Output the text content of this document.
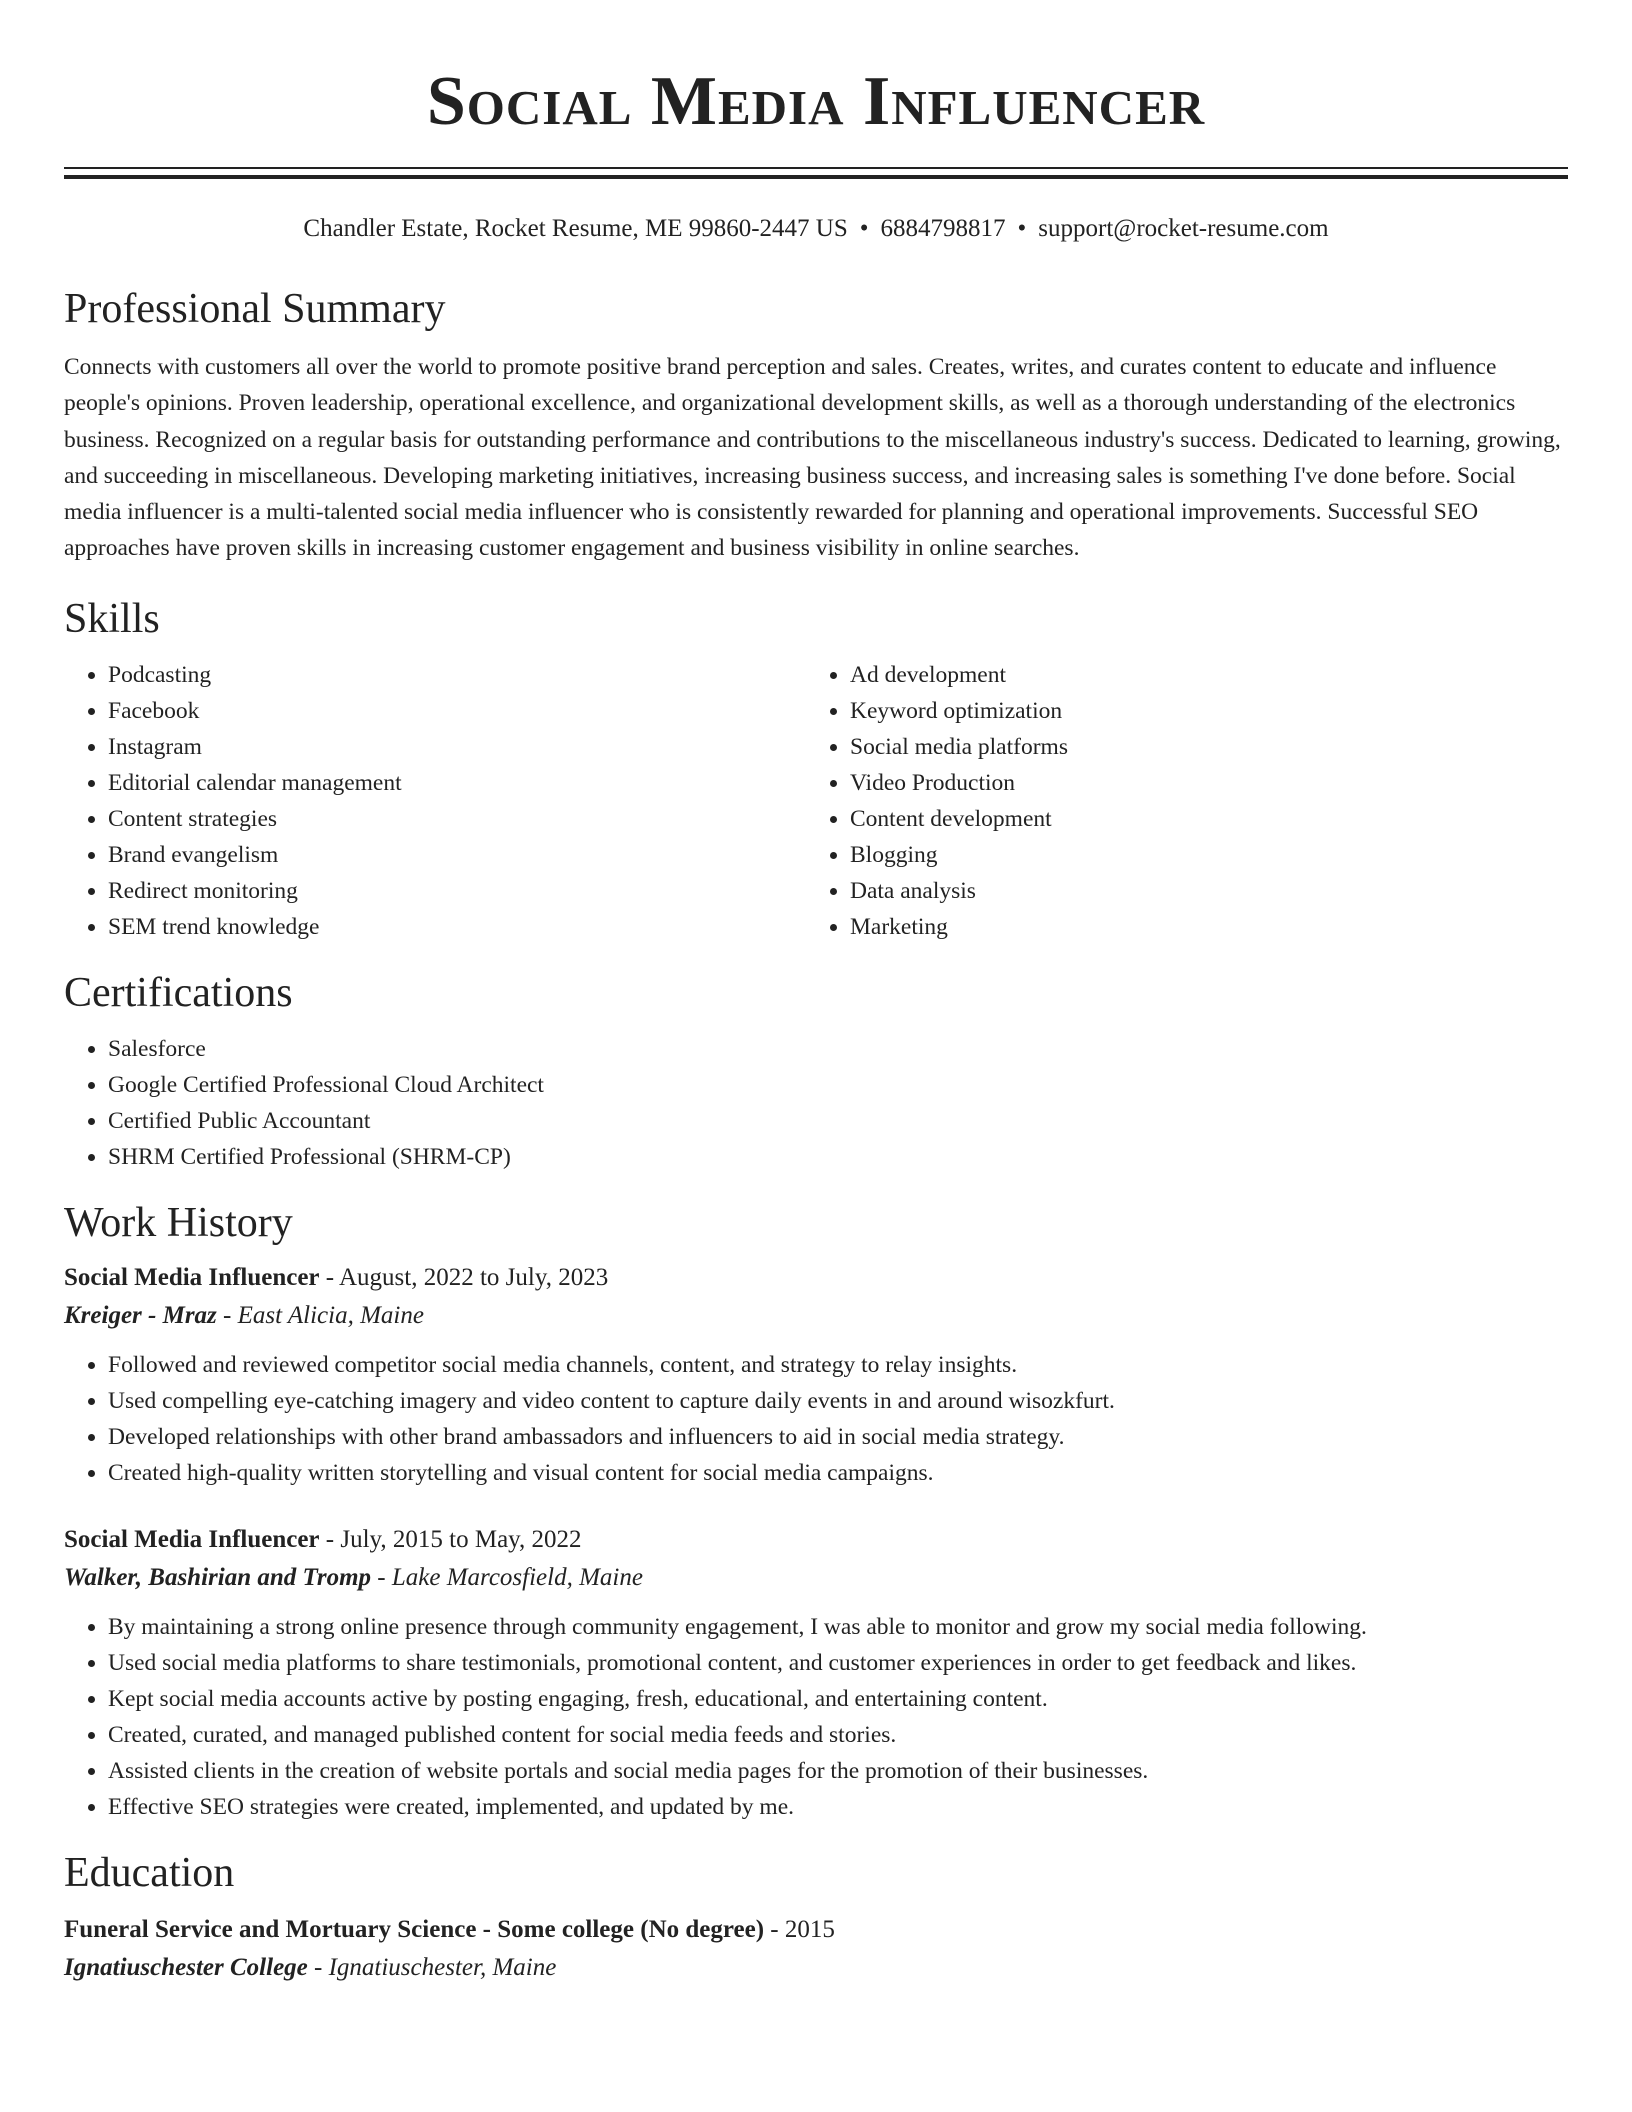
Social Media Influencer
Chandler Estate, Rocket Resume, ME 99860-2447 US • 6884798817 • support@rocket-resume.com
Professional Summary

Connects with customers all over the world to promote positive brand perception and sales. Creates, writes, and curates content to educate and influence people's opinions. Proven leadership, operational excellence, and organizational development skills, as well as a thorough understanding of the electronics business. Recognized on a regular basis for outstanding performance and contributions to the miscellaneous industry's success. Dedicated to learning, growing, and succeeding in miscellaneous. Developing marketing initiatives, increasing business success, and increasing sales is something I've done before. Social media influencer is a multi-talented social media influencer who is consistently rewarded for planning and operational improvements. Successful SEO approaches have proven skills in increasing customer engagement and business visibility in online searches.

Skills
• Podcasting
• Facebook
• Instagram
• Editorial calendar management
• Content strategies
• Brand evangelism
• Redirect monitoring
• SEM trend knowledge
• Ad development
• Keyword optimization
• Social media platforms
• Video Production
• Content development
• Blogging
• Data analysis
• Marketing
Certifications
• Salesforce
• Google Certified Professional Cloud Architect
• Certified Public Accountant
• SHRM Certified Professional (SHRM-CP)
Work History
Social Media Influencer - August, 2022 to July, 2023
Kreiger - Mraz - East Alicia, Maine
• Followed and reviewed competitor social media channels, content, and strategy to relay insights.
• Used compelling eye-catching imagery and video content to capture daily events in and around wisozkfurt.
• Developed relationships with other brand ambassadors and influencers to aid in social media strategy.
• Created high-quality written storytelling and visual content for social media campaigns.
Social Media Influencer - July, 2015 to May, 2022
Walker, Bashirian and Tromp - Lake Marcosfield, Maine
• By maintaining a strong online presence through community engagement, I was able to monitor and grow my social media following.
• Used social media platforms to share testimonials, promotional content, and customer experiences in order to get feedback and likes.
• Kept social media accounts active by posting engaging, fresh, educational, and entertaining content.
• Created, curated, and managed published content for social media feeds and stories.
• Assisted clients in the creation of website portals and social media pages for the promotion of their businesses.
• Effective SEO strategies were created, implemented, and updated by me.
Education
Funeral Service and Mortuary Science - Some college (No degree) - 2015
Ignatiuschester College - Ignatiuschester, Maine
